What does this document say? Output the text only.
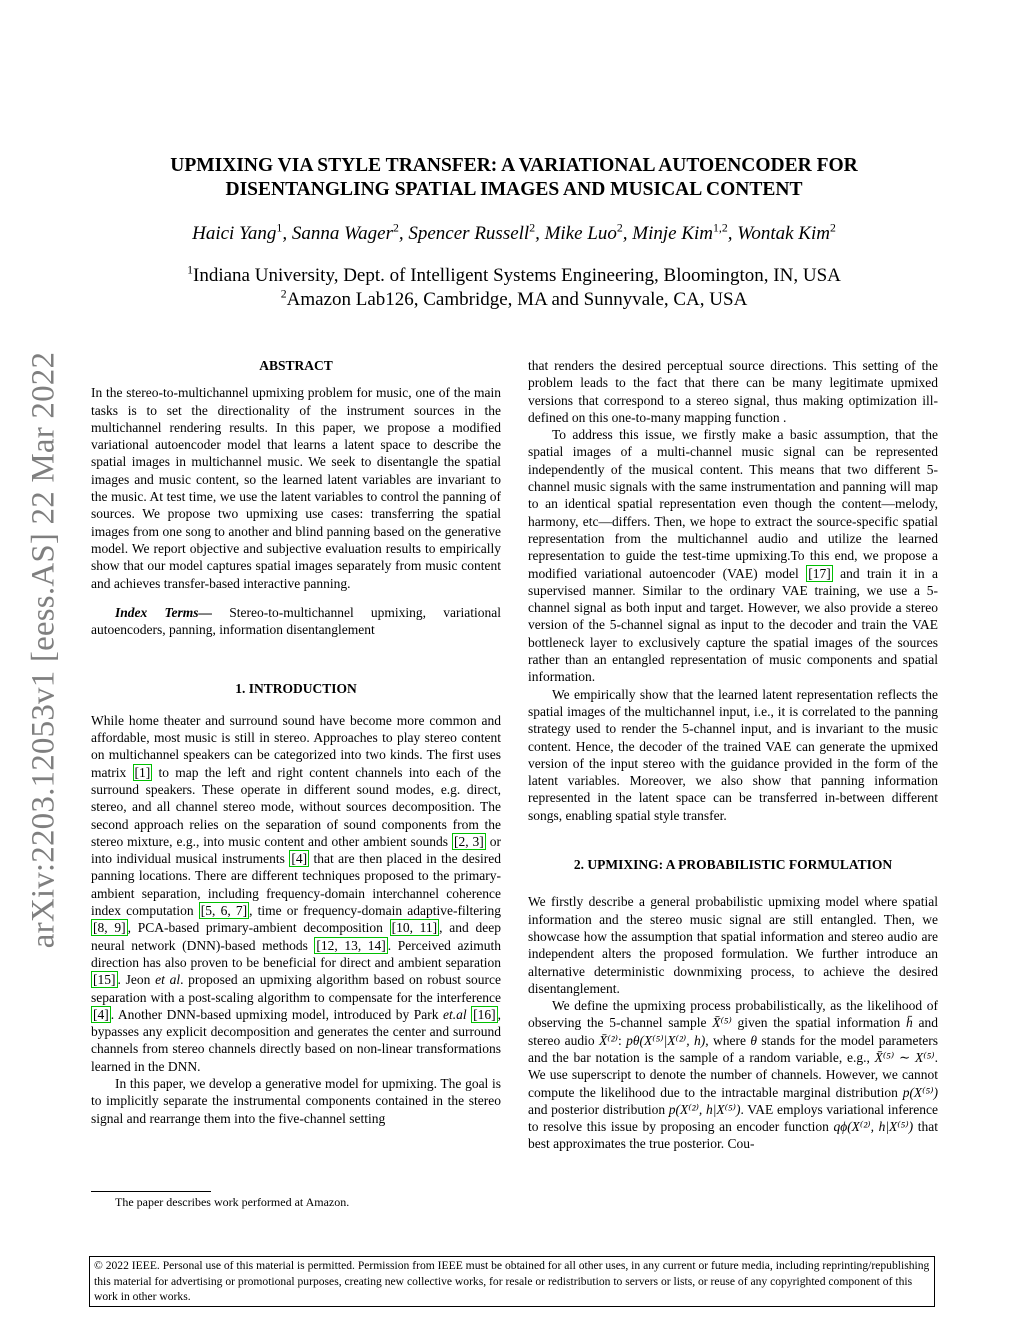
arXiv:2203.12053v1 [eess.AS] 22 Mar 2022
UPMIXING VIA STYLE TRANSFER: A VARIATIONAL AUTOENCODER FOR
DISENTANGLING SPATIAL IMAGES AND MUSICAL CONTENT
Haici Yang$^1$, Sanna Wager$^2$, Spencer Russell$^2$, Mike Luo$^2$, Minje Kim$^{1,2}$, Wontak Kim$^2$
$^1$Indiana University, Dept. of Intelligent Systems Engineering, Bloomington, IN, USA
$^2$Amazon Lab126, Cambridge, MA and Sunnyvale, CA, USA

ABSTRACT

In the stereo-to-multichannel upmixing problem for music, one of the main tasks is to set the directionality of the instrument sources in the multichannel rendering results. In this paper, we propose a modified variational autoencoder model that learns a latent space to describe the spatial images in multichannel music. We seek to disentangle the spatial images and music content, so the learned latent variables are invariant to the music. At test time, we use the latent variables to control the panning of sources. We propose two upmixing use cases: transferring the spatial images from one song to another and blind panning based on the generative model. We report objective and subjective evaluation results to empirically show that our model captures spatial images separately from music content and achieves transfer-based interactive panning.

Index Terms— Stereo-to-multichannel upmixing, variational autoencoders, panning, information disentanglement

1. INTRODUCTION

While home theater and surround sound have become more common and affordable, most music is still in stereo. Approaches to play stereo content on multichannel speakers can be categorized into two kinds. The first uses matrix [1] to map the left and right content channels into each of the surround speakers. These operate in different sound modes, e.g. direct, stereo, and all channel stereo mode, without sources decomposition. The second approach relies on the separation of sound components from the stereo mixture, e.g., into music content and other ambient sounds [2, 3] or into individual musical instruments [4] that are then placed in the desired panning locations. There are different techniques proposed to the primary-ambient separation, including frequency-domain interchannel coherence index computation [5, 6, 7] , time or frequency-domain adaptive-filtering [8, 9] , PCA-based primary-ambient decomposition [10, 11] , and deep neural network (DNN)-based methods [12, 13, 14] . Perceived azimuth direction has also proven to be beneficial for direct and ambient separation [15] . Jeon et al. proposed an upmixing algorithm based on robust source separation with a post-scaling algorithm to compensate for the interference [4] . Another DNN-based upmixing model, introduced by Park et.al [16] , bypasses any explicit decomposition and generates the center and surround channels from stereo channels directly based on non-linear transformations learned in the DNN.

In this paper, we develop a generative model for upmixing. The goal is to implicitly separate the instrumental components contained in the stereo signal and rearrange them into the five-channel setting

that renders the desired perceptual source directions. This setting of the problem leads to the fact that there can be many legitimate upmixed versions that correspond to a stereo signal, thus making optimization ill-defined on this one-to-many mapping function .

To address this issue, we firstly make a basic assumption, that the spatial images of a multi-channel music signal can be represented independently of the musical content. This means that two different 5-channel music signals with the same instrumentation and panning will map to an identical spatial representation even though the content—melody, harmony, etc—differs. Then, we hope to extract the source-specific spatial representation from the multichannel audio and utilize the learned representation to guide the test-time upmixing.To this end, we propose a modified variational autoencoder (VAE) model [17] and train it in a supervised manner. Similar to the ordinary VAE training, we use a 5-channel signal as both input and target. However, we also provide a stereo version of the 5-channel signal as input to the decoder and train the VAE bottleneck layer to exclusively capture the spatial images of the sources rather than an entangled representation of music components and spatial information.

We empirically show that the learned latent representation reflects the spatial images of the multichannel input, i.e., it is correlated to the panning strategy used to render the 5-channel input, and is invariant to the music content. Hence, the decoder of the trained VAE can generate the upmixed version of the input stereo with the guidance provided in the form of the latent variables. Moreover, we also show that panning information represented in the latent space can be transferred in-between different songs, enabling spatial style transfer.

2. UPMIXING: A PROBABILISTIC FORMULATION

We firstly describe a general probabilistic upmixing model where spatial information and the stereo music signal are still entangled. Then, we showcase how the assumption that spatial information and stereo audio are independent alters the proposed formulation. We further introduce an alternative deterministic downmixing process, to achieve the desired disentanglement.

We define the upmixing process probabilistically, as the likelihood of observing the 5-channel sample X̄⁽⁵⁾ given the spatial information h̄ and stereo audio X̄⁽²⁾: pθ(X⁽⁵⁾|X⁽²⁾, h), where θ stands for the model parameters and the bar notation is the sample of a random variable, e.g., X̄⁽⁵⁾ ∼ X⁽⁵⁾. We use superscript to denote the number of channels. However, we cannot compute the likelihood due to the intractable marginal distribution p(X⁽⁵⁾) and posterior distribution p(X⁽²⁾, h|X⁽⁵⁾). VAE employs variational inference to resolve this issue by proposing an encoder function qϕ(X⁽²⁾, h|X⁽⁵⁾) that best approximates the true posterior. Cou-

The paper describes work performed at Amazon.
© 2022 IEEE. Personal use of this material is permitted. Permission from IEEE must be obtained for all other uses, in any current or future media, including reprinting/republishing this material for advertising or promotional purposes, creating new collective works, for resale or redistribution to servers or lists, or reuse of any copyrighted component of this work in other works.
